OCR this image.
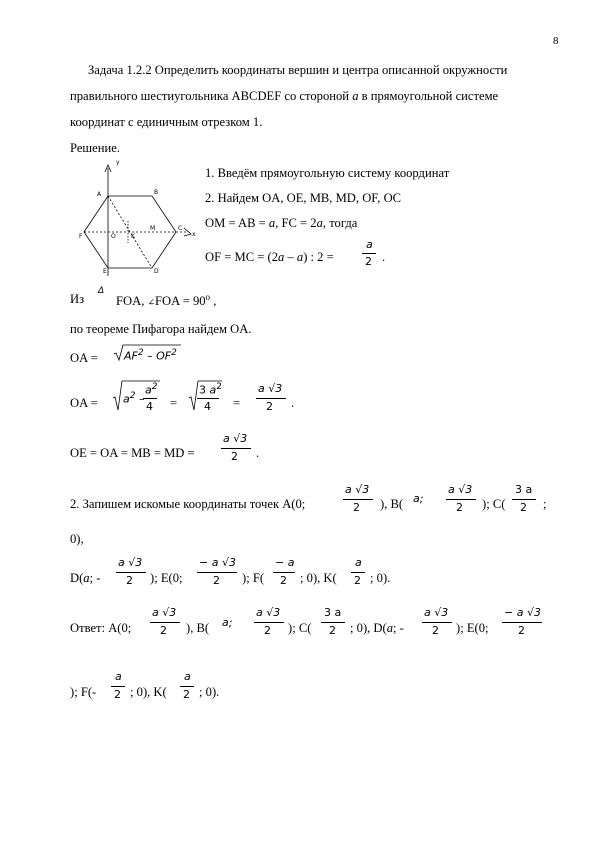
8
Задача 1.2.2 Определить координаты вершин и центра описанной окружности
правильного шестиугольника ABCDEF со стороной a в прямоугольной системе
координат с единичным отрезком 1.
Решение.
y
x
A	B
C
D
E
F	O
M
K
1. Введём прямоугольную систему координат
2. Найдем OA, OE, MB, MD, OF, OC
OM = AB = a, FC = 2a, тогда
OF = MC = (2a – a) : 2 =
a
2 .
Из
Δ
FOA, ∠FOA = $90^o$ ,
по теореме Пифагора найдем OA.
OA = $AF^2 - OF^2$
OA = $a^2$ –
$a^2$
4 =
3 $a^2$
4 =
a √3
2 .
OE = OA = MB = MD =
a √3
2 .
2. Запишем искомые координаты точек A(0;
a √3
2 ), B( a;
a √3
2 ); C(
3 a
2 ;
0),
D(a; -
a √3
2 ); E(0;
− a √3
2 ); F(
− a
2 ; 0), K(
a
2 ; 0).
Ответ: A(0;
a √3
2 ), B( a;
a √3
2 ); C(
3 a
2 ; 0), D(a; -
a √3
2 ); E(0;
− a √3
2
); F(-
a
2 ; 0), K(
a
2 ; 0).
